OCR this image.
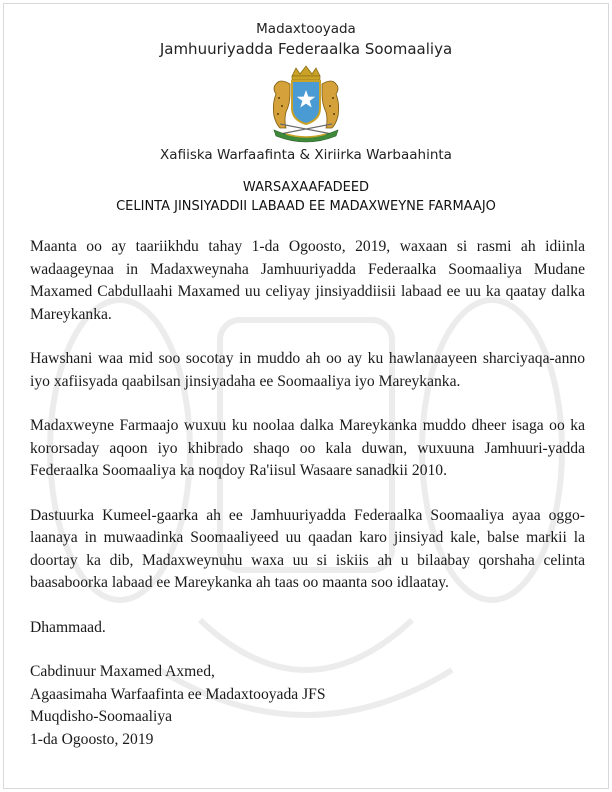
Madaxtooyada
Jamhuuriyadda Federaalka Soomaaliya
Xafiiska Warfaafinta & Xiriirka Warbaahinta
WARSAXAAFADEED
CELINTA JINSIYADDII LABAAD EE MADAXWEYNE FARMAAJO

Maanta oo ay taariikhdu tahay 1-da Ogoosto, 2019, waxaan si rasmi ah idiinla wadaageynaa in Madaxweynaha Jamhuuriyadda Federaalka Soomaaliya Mudane Maxamed Cabdullaahi Maxamed uu celiyay jinsiyaddiisii labaad ee uu ka qaatay dalka Mareykanka.

Hawshani waa mid soo socotay in muddo ah oo ay ku hawlanaayeen sharciyaqa-anno iyo xafiisyada qaabilsan jinsiyadaha ee Soomaaliya iyo Mareykanka.

Madaxweyne Farmaajo wuxuu ku noolaa dalka Mareykanka muddo dheer isaga oo ka kororsaday aqoon iyo khibrado shaqo oo kala duwan, wuxuuna Jamhuuri-yadda Federaalka Soomaaliya ka noqdoy Ra'iisul Wasaare sanadkii 2010.

Dastuurka Kumeel-gaarka ah ee Jamhuuriyadda Federaalka Soomaaliya ayaa oggo-laanaya in muwaadinka Soomaaliyeed uu qaadan karo jinsiyad kale, balse markii la doortay ka dib, Madaxweynuhu waxa uu si iskiis ah u bilaabay qorshaha celinta baasaboorka labaad ee Mareykanka ah taas oo maanta soo idlaatay.

Dhammaad.

Cabdinuur Maxamed Axmed,
Agaasimaha Warfaafinta ee Madaxtooyada JFS
Muqdisho-Soomaaliya
1-da Ogoosto, 2019
